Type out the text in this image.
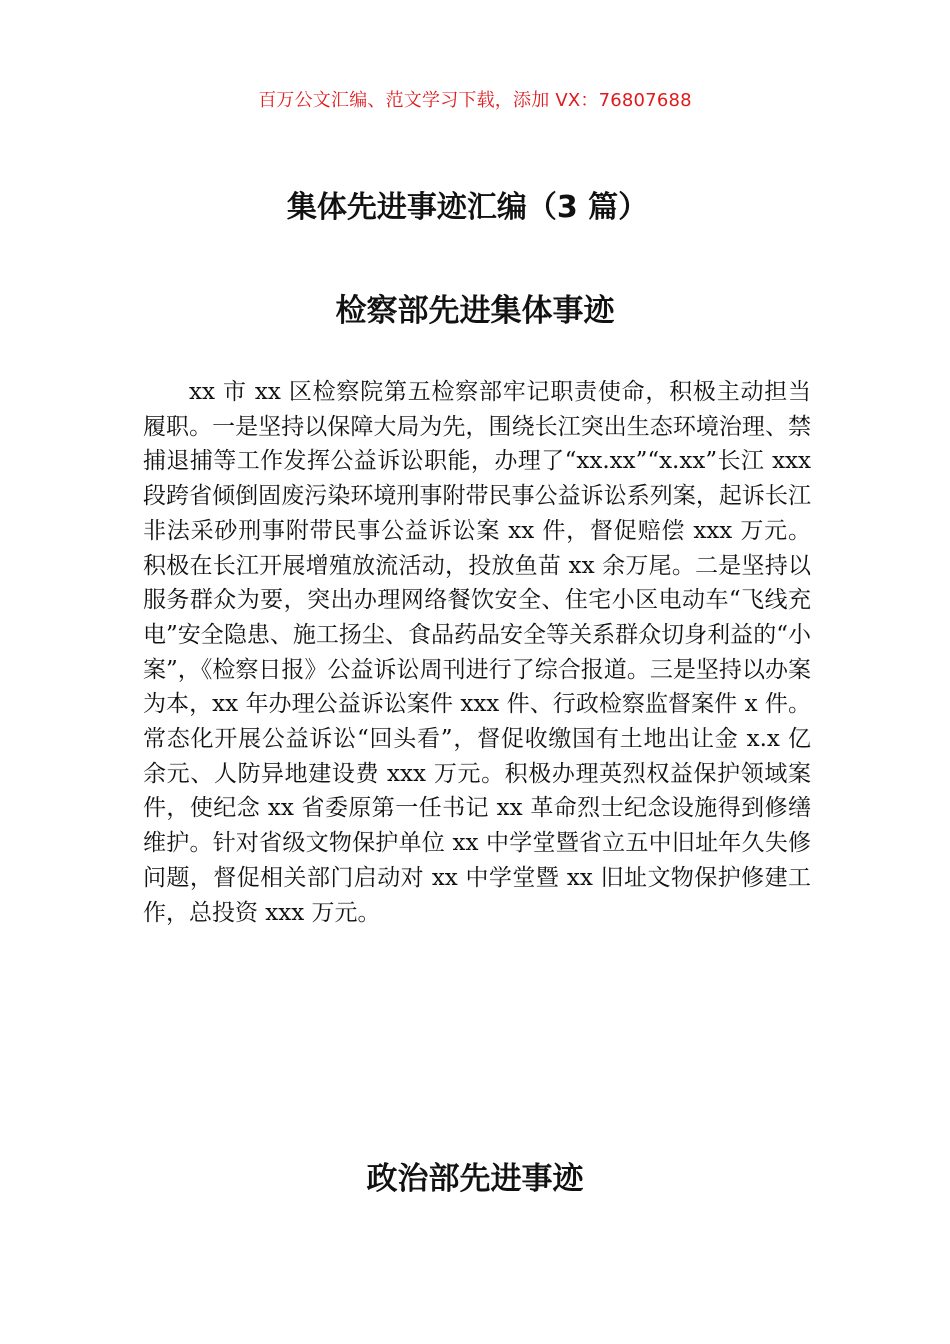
百万公文汇编、范文学习下载，添加 VX：76807688
集体先进事迹汇编（3 篇）
检察部先进集体事迹

xx 市 xx 区检察院第五检察部牢记职责使命，积极主动担当履职。一是坚持以保障大局为先，围绕长江突出生态环境治理、禁捕退捕等工作发挥公益诉讼职能，办理了“xx.xx”“x.xx”长江 xxx 段跨省倾倒固废污染环境刑事附带民事公益诉讼系列案，起诉长江非法采砂刑事附带民事公益诉讼案 xx 件，督促赔偿 xxx 万元。积极在长江开展增殖放流活动，投放鱼苗 xx 余万尾。二是坚持以服务群众为要，突出办理网络餐饮安全、住宅小区电动车“飞线充电”安全隐患、施工扬尘、食品药品安全等关系群众切身利益的“小案”，《检察日报》公益诉讼周刊进行了综合报道。三是坚持以办案为本，xx 年办理公益诉讼案件 xxx 件、行政检察监督案件 x 件。常态化开展公益诉讼“回头看”，督促收缴国有土地出让金 x.x 亿余元、人防异地建设费 xxx 万元。积极办理英烈权益保护领域案件，使纪念 xx 省委原第一任书记 xx 革命烈士纪念设施得到修缮维护。针对省级文物保护单位 xx 中学堂暨省立五中旧址年久失修问题，督促相关部门启动对 xx 中学堂暨 xx 旧址文物保护修建工作，总投资 xxx 万元。

政治部先进事迹
